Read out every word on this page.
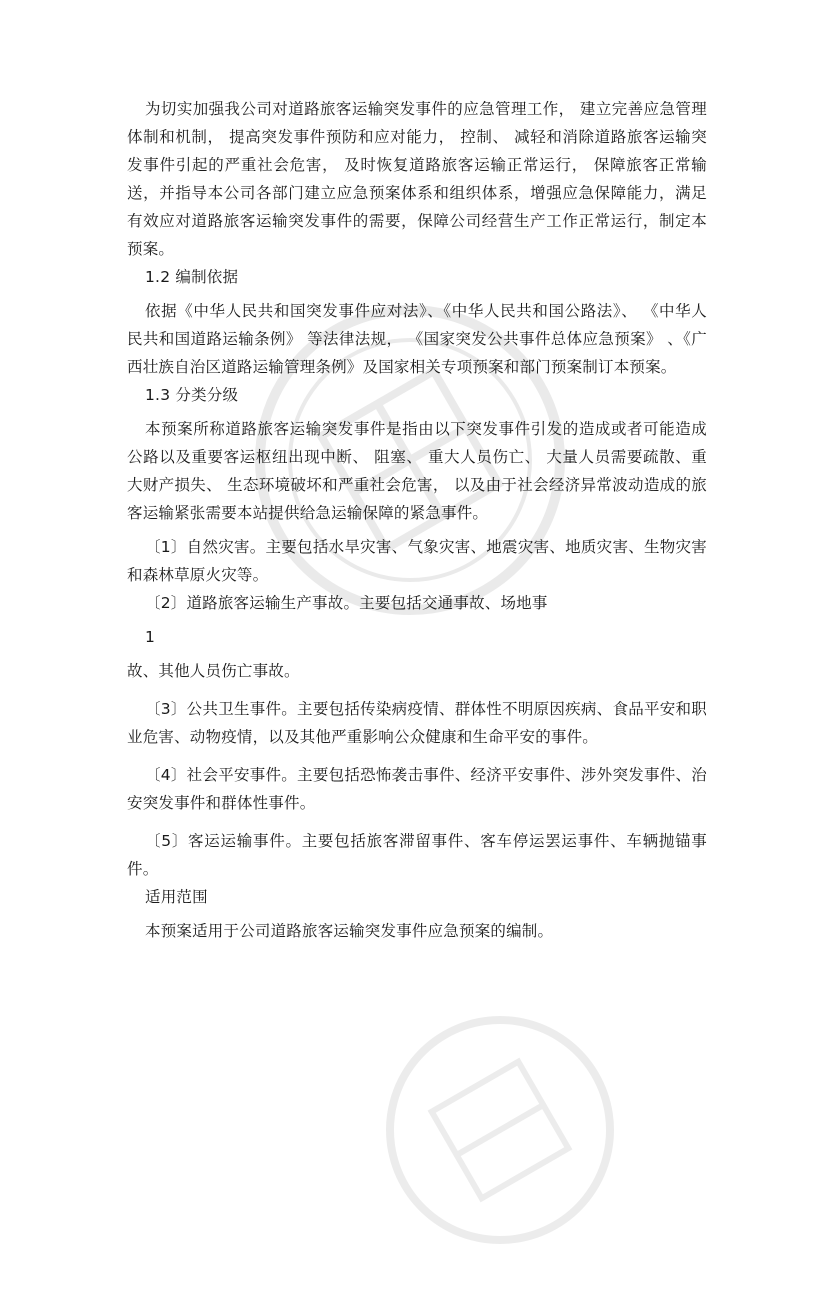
为切实加强我公司对道路旅客运输突发事件的应急管理工作， 建立完善应急管理体制和机制， 提高突发事件预防和应对能力， 控制、 减轻和消除道路旅客运输突发事件引起的严重社会危害， 及时恢复道路旅客运输正常运行， 保障旅客正常输送，并指导本公司各部门建立应急预案体系和组织体系，增强应急保障能力，满足有效应对道路旅客运输突发事件的需要，保障公司经营生产工作正常运行，制定本预案。

1.2 编制依据

依据《中华人民共和国突发事件应对法》、《中华人民共和国公路法》、 《中华人民共和国道路运输条例》 等法律法规， 《国家突发公共事件总体应急预案》 、《广西壮族自治区道路运输管理条例》及国家相关专项预案和部门预案制订本预案。

1.3 分类分级

本预案所称道路旅客运输突发事件是指由以下突发事件引发的造成或者可能造成公路以及重要客运枢纽出现中断、 阻塞、 重大人员伤亡、 大量人员需要疏散、重大财产损失、 生态环境破坏和严重社会危害， 以及由于社会经济异常波动造成的旅客运输紧张需要本站提供给急运输保障的紧急事件。

〔1〕自然灾害。主要包括水旱灾害、气象灾害、地震灾害、地质灾害、生物灾害和森林草原火灾等。

〔2〕道路旅客运输生产事故。主要包括交通事故、场地事

1

故、其他人员伤亡事故。

〔3〕公共卫生事件。主要包括传染病疫情、群体性不明原因疾病、食品平安和职业危害、动物疫情，以及其他严重影响公众健康和生命平安的事件。

〔4〕社会平安事件。主要包括恐怖袭击事件、经济平安事件、涉外突发事件、治安突发事件和群体性事件。

〔5〕客运运输事件。主要包括旅客滞留事件、客车停运罢运事件、车辆抛锚事件。

适用范围

本预案适用于公司道路旅客运输突发事件应急预案的编制。
